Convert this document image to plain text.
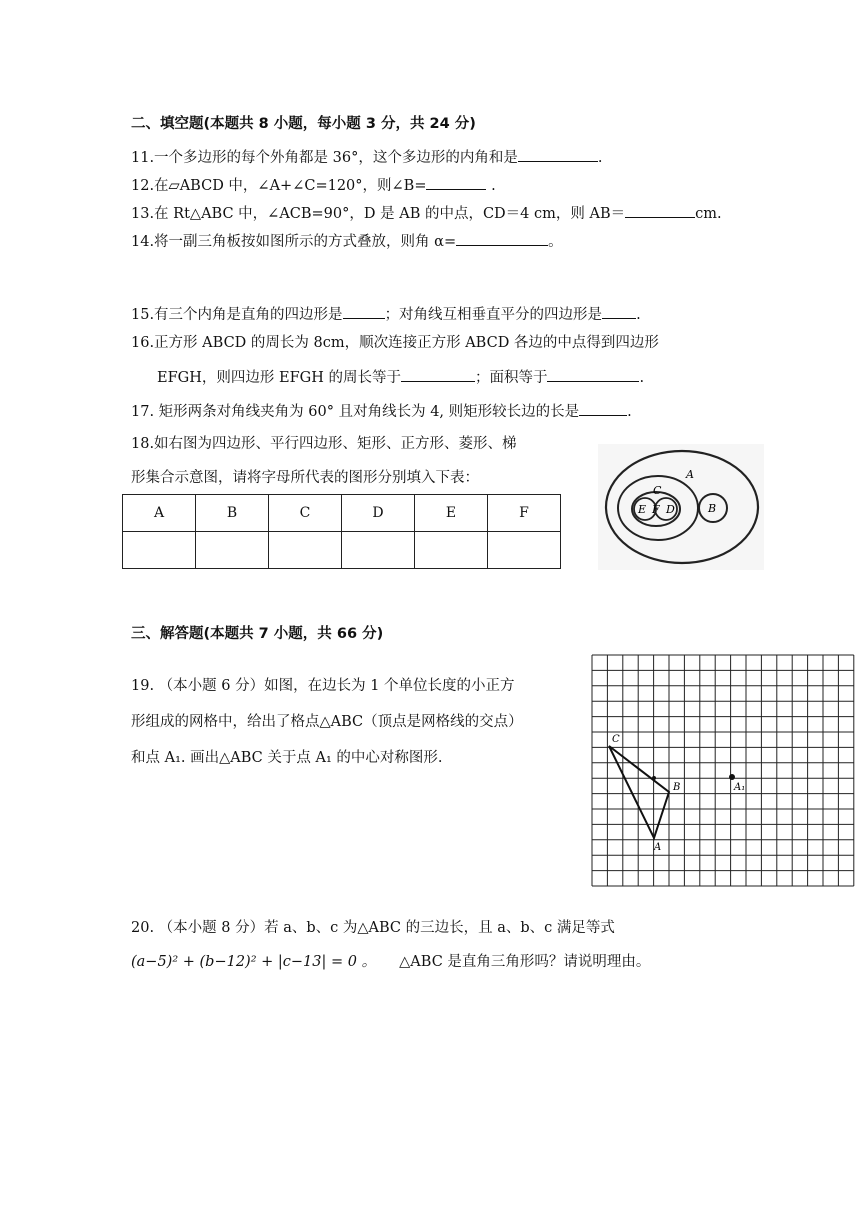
二、填空题(本题共 8 小题，每小题 3 分，共 24 分)
11.一个多边形的每个外角都是 36°，这个多边形的内角和是	.
12.在▱ABCD 中，∠A+∠C=120°，则∠B=	.
13.在 Rt△ABC 中，∠ACB=90°，D 是 AB 的中点，CD＝4 cm，则 AB＝	cm.
14.将一副三角板按如图所示的方式叠放，则角 α=	。
15.有三个内角是直角的四边形是	；对角线互相垂直平分的四边形是 .
16.正方形 ABCD 的周长为 8cm，顺次连接正方形 ABCD 各边的中点得到四边形
EFGH，则四边形 EFGH 的周长等于	；面积等于	.
17. 矩形两条对角线夹角为 60° 且对角线长为 4, 则矩形较长边的长是	.
18.如右图为四边形、平行四边形、矩形、正方形、菱形、梯
形集合示意图，请将字母所代表的图形分别填入下表：
A	B	C	D	E	F

A
C
E F D	B
三、解答题(本题共 7 小题，共 66 分)
19. （本小题 6 分）如图，在边长为 1 个单位长度的小正方
形组成的网格中，给出了格点△ABC（顶点是网格线的交点）
和点 A₁. 画出△ABC 关于点 A₁ 的中心对称图形.
C
B
A
A₁
20. （本小题 8 分）若 a、b、c 为△ABC 的三边长，且 a、b、c 满足等式
(a−5)² + (b−12)² + |c−13| = 0 。 △ABC 是直角三角形吗？请说明理由。
